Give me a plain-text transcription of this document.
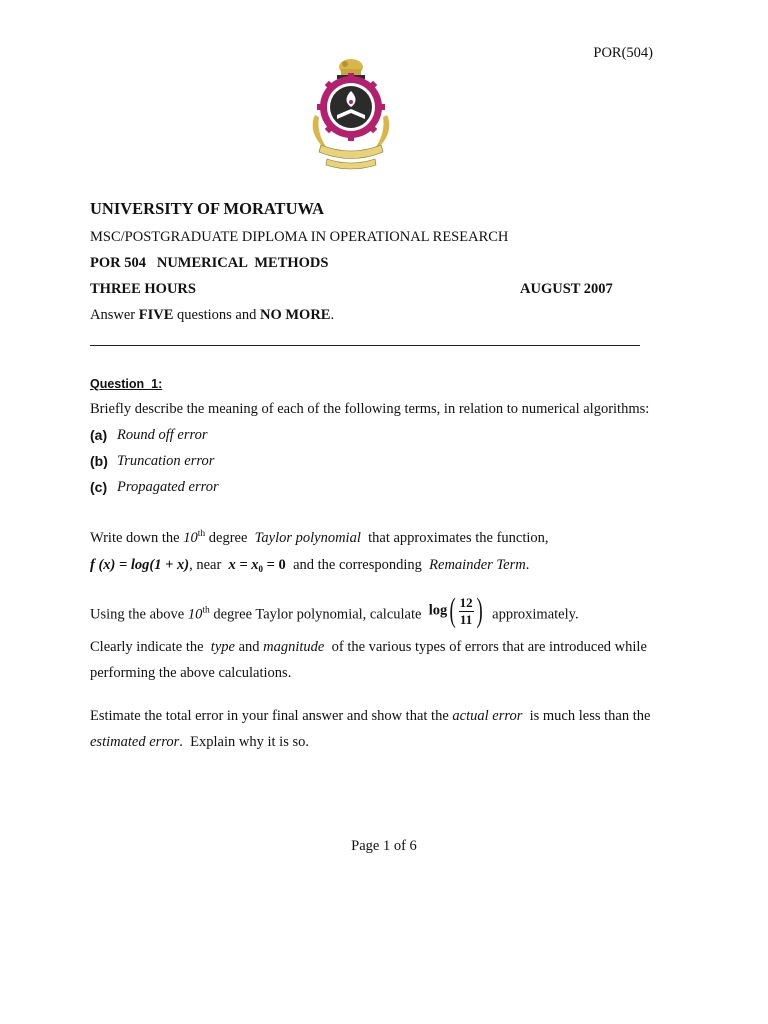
POR(504)
UNIVERSITY OF MORATUWA
MSC/POSTGRADUATE DIPLOMA IN OPERATIONAL RESEARCH
POR 504   NUMERICAL  METHODS
THREE HOURS	AUGUST 2007
Answer FIVE questions and NO MORE.
Question  1:
Briefly describe the meaning of each of the following terms, in relation to numerical algorithms:
(a) Round off error
(b) Truncation error
(c) Propagated error
Write down the 10th degree  Taylor polynomial  that approximates the function,
f (x) = log(1 + x), near  $x = x_0 = 0$  and the corresponding  Remainder Term.
Using the above 10th degree Taylor polynomial, calculate  $\log( \frac{12}{11}$ )  approximately.
Clearly indicate the  type and magnitude  of the various types of errors that are introduced while
performing the above calculations.
Estimate the total error in your final answer and show that the actual error  is much less than the
estimated error.  Explain why it is so.
Page 1 of 6
